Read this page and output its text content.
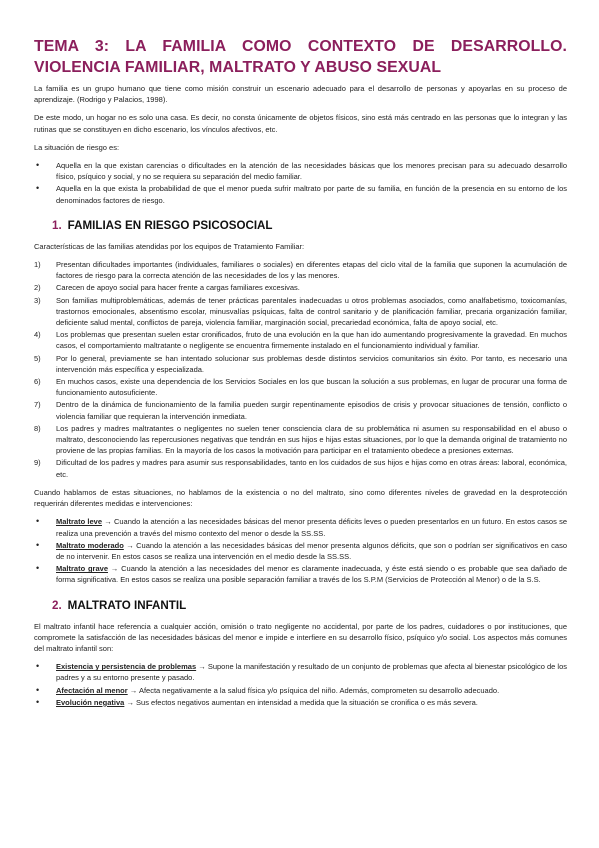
TEMA 3: LA FAMILIA COMO CONTEXTO DE DESARROLLO. VIOLENCIA FAMILIAR, MALTRATO Y ABUSO SEXUAL

La familia es un grupo humano que tiene como misión construir un escenario adecuado para el desarrollo de personas y apoyarlas en su proceso de aprendizaje. (Rodrigo y Palacios, 1998).

De este modo, un hogar no es solo una casa. Es decir, no consta únicamente de objetos físicos, sino está más centrado en las personas que lo integran y las rutinas que se constituyen en dicho escenario, los vínculos afectivos, etc.

La situación de riesgo es:

• Aquella en la que existan carencias o dificultades en la atención de las necesidades básicas que los menores precisan para su adecuado desarrollo físico, psíquico y social, y no se requiera su separación del medio familiar.
• Aquella en la que exista la probabilidad de que el menor pueda sufrir maltrato por parte de su familia, en función de la presencia en su entorno de los denominados factores de riesgo.
1. FAMILIAS EN RIESGO PSICOSOCIAL

Características de las familias atendidas por los equipos de Tratamiento Familiar:

1) Presentan dificultades importantes (individuales, familiares o sociales) en diferentes etapas del ciclo vital de la familia que suponen la acumulación de factores de riesgo para la correcta atención de las necesidades de los y las menores.
2) Carecen de apoyo social para hacer frente a cargas familiares excesivas.
3) Son familias multiproblemáticas, además de tener prácticas parentales inadecuadas u otros problemas asociados, como analfabetismo, toxicomanías, trastornos emocionales, absentismo escolar, minusvalías psíquicas, falta de control sanitario y de planificación familiar, precaria organización familiar, deficiente salud mental, conflictos de pareja, violencia familiar, marginación social, precariedad económica, falta de apoyo social, etc.
4) Los problemas que presentan suelen estar cronificados, fruto de una evolución en la que han ido aumentando progresivamente la gravedad. En muchos casos, el comportamiento maltratante o negligente se encuentra firmemente instalado en el funcionamiento individual y familiar.
5) Por lo general, previamente se han intentado solucionar sus problemas desde distintos servicios comunitarios sin éxito. Por tanto, es necesario una intervención más específica y especializada.
6) En muchos casos, existe una dependencia de los Servicios Sociales en los que buscan la solución a sus problemas, en lugar de procurar una forma de funcionamiento autosuficiente.
7) Dentro de la dinámica de funcionamiento de la familia pueden surgir repentinamente episodios de crisis y provocar situaciones de tensión, conflicto o violencia familiar que requieran la intervención inmediata.
8) Los padres y madres maltratantes o negligentes no suelen tener consciencia clara de su problemática ni asumen su responsabilidad en el abuso o maltrato, desconociendo las repercusiones negativas que tendrán en sus hijos e hijas estas situaciones, por lo que la demanda original de tratamiento no proviene de las propias familias. En la mayoría de los casos la motivación para participar en el tratamiento obedece a presiones externas.
9) Dificultad de los padres y madres para asumir sus responsabilidades, tanto en los cuidados de sus hijos e hijas como en otras áreas: laboral, económica, etc.

Cuando hablamos de estas situaciones, no hablamos de la existencia o no del maltrato, sino como diferentes niveles de gravedad en la desprotección requerirán diferentes medidas e intervenciones:

• Maltrato leve → Cuando la atención a las necesidades básicas del menor presenta déficits leves o pueden presentarlos en un futuro. En estos casos se realiza una prevención a través del mismo contexto del menor o desde la SS.SS.
• Maltrato moderado → Cuando la atención a las necesidades básicas del menor presenta algunos déficits, que son o podrían ser significativos en caso de no intervenir. En estos casos se realiza una intervención en el medio desde la SS.SS.
• Maltrato grave → Cuando la atención a las necesidades del menor es claramente inadecuada, y éste está siendo o es probable que sea dañado de forma significativa. En estos casos se realiza una posible separación familiar a través de los S.P.M (Servicios de Protección al Menor) o de la S.S.
2. MALTRATO INFANTIL

El maltrato infantil hace referencia a cualquier acción, omisión o trato negligente no accidental, por parte de los padres, cuidadores o por instituciones, que compromete la satisfacción de las necesidades básicas del menor e impide e interfiere en su desarrollo físico, psíquico y/o social. Los aspectos más comunes del maltrato infantil son:

• Existencia y persistencia de problemas → Supone la manifestación y resultado de un conjunto de problemas que afecta al bienestar psicológico de los padres y a su entorno presente y pasado.
• Afectación al menor → Afecta negativamente a la salud física y/o psíquica del niño. Además, comprometen su desarrollo adecuado.
• Evolución negativa → Sus efectos negativos aumentan en intensidad a medida que la situación se cronifica o es más severa.
